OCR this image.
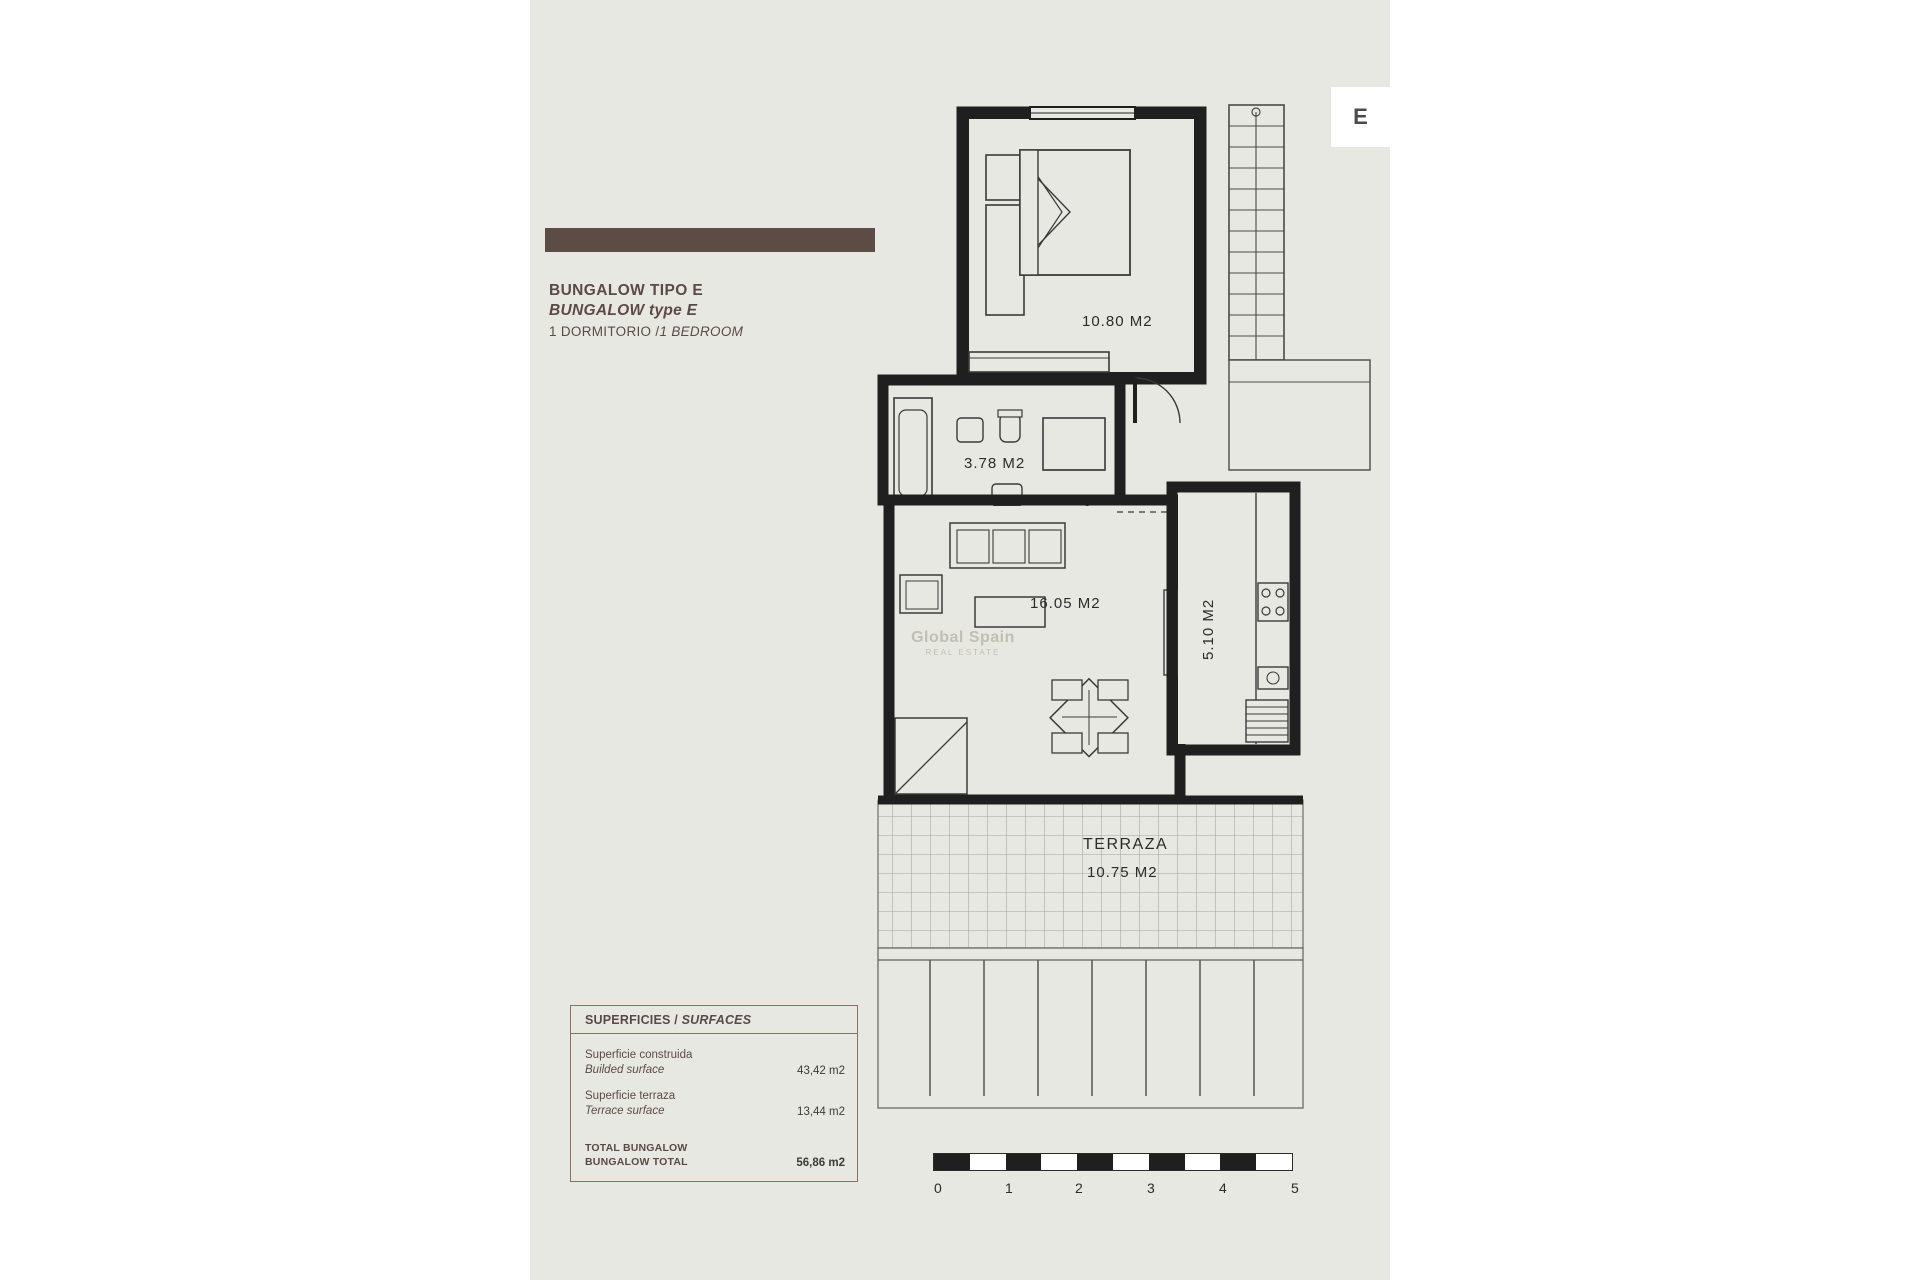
10.80 M2
3.78 M2
16.05 M2	5.10 M2
TERRAZA
10.75 M2
Global Spain
REAL ESTATE
BUNGALOW TIPO E
BUNGALOW type E
1 DORMITORIO /1 BEDROOM
E
SUPERFICIES / SURFACES
Superficie construida
Builded surface	43,42 m2
Superficie terraza
Terrace surface	13,44 m2
TOTAL BUNGALOW
BUNGALOW TOTAL	56,86 m2
0	1	2	3	4	5
